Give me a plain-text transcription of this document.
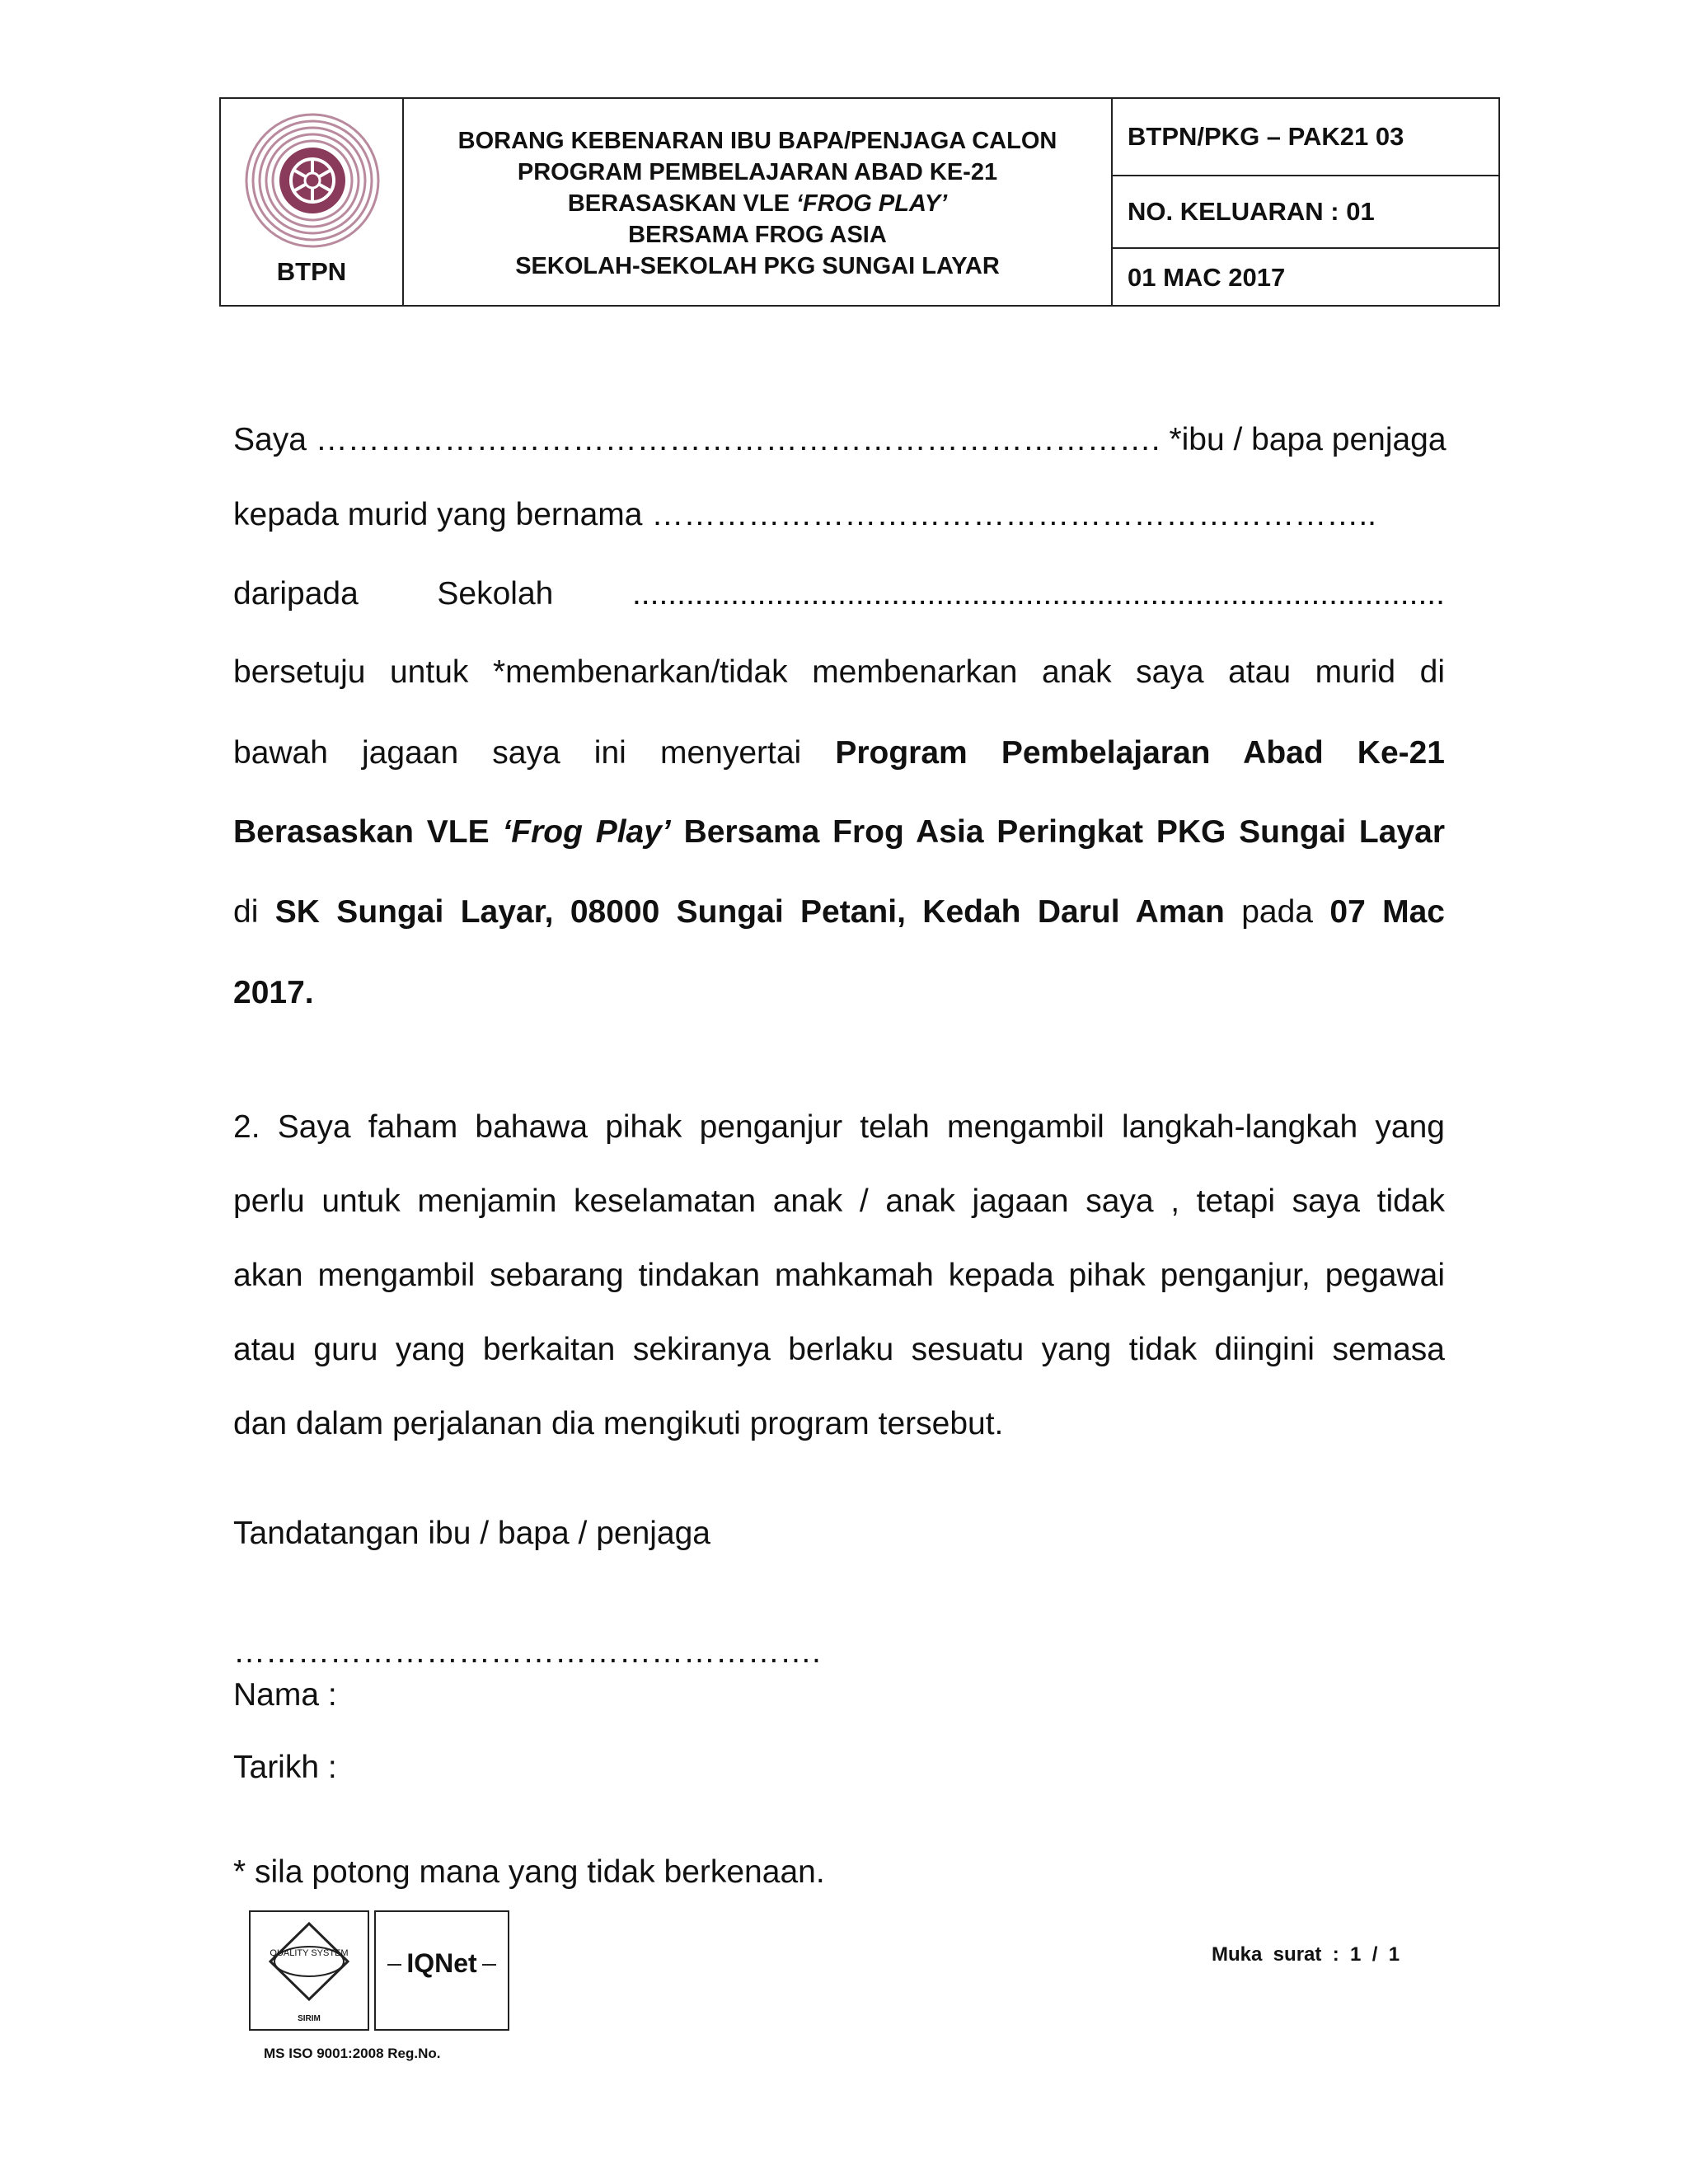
BTPN
BORANG KEBENARAN IBU BAPA/PENJAGA CALON
PROGRAM PEMBELAJARAN ABAD KE-21
BERASASKAN VLE ‘FROG PLAY’
BERSAMA FROG ASIA
SEKOLAH-SEKOLAH PKG SUNGAI LAYAR
BTPN/PKG – PAK21 03
NO. KELUARAN : 01
01 MAC 2017
Saya ……………………………………………………………………. *ibu / bapa penjaga
kepada murid yang bernama …………………………………………………………..
daripada Sekolah ...........................................................................................
bersetuju untuk *membenarkan/tidak membenarkan anak saya atau murid di
bawah jagaan saya ini menyertai Program Pembelajaran Abad Ke-21
Berasaskan VLE ‘Frog Play’ Bersama Frog Asia Peringkat PKG Sungai Layar
di SK Sungai Layar, 08000 Sungai Petani, Kedah Darul Aman pada 07 Mac
2017.
2. Saya faham bahawa pihak penganjur telah mengambil langkah-langkah yang
perlu untuk menjamin keselamatan anak / anak jagaan saya , tetapi saya tidak
akan mengambil sebarang tindakan mahkamah kepada pihak penganjur, pegawai
atau guru yang berkaitan sekiranya berlaku sesuatu yang tidak diingini semasa
dan dalam perjalanan dia mengikuti program tersebut.
Tandatangan ibu / bapa / penjaga
……………………………………………….
Nama :
Tarikh :
* sila potong mana yang tidak berkenaan.
QUALITY SYSTEM
SIRIM
IQNet
MS ISO 9001:2008 Reg.No.
Muka  surat  :  1  /  1
